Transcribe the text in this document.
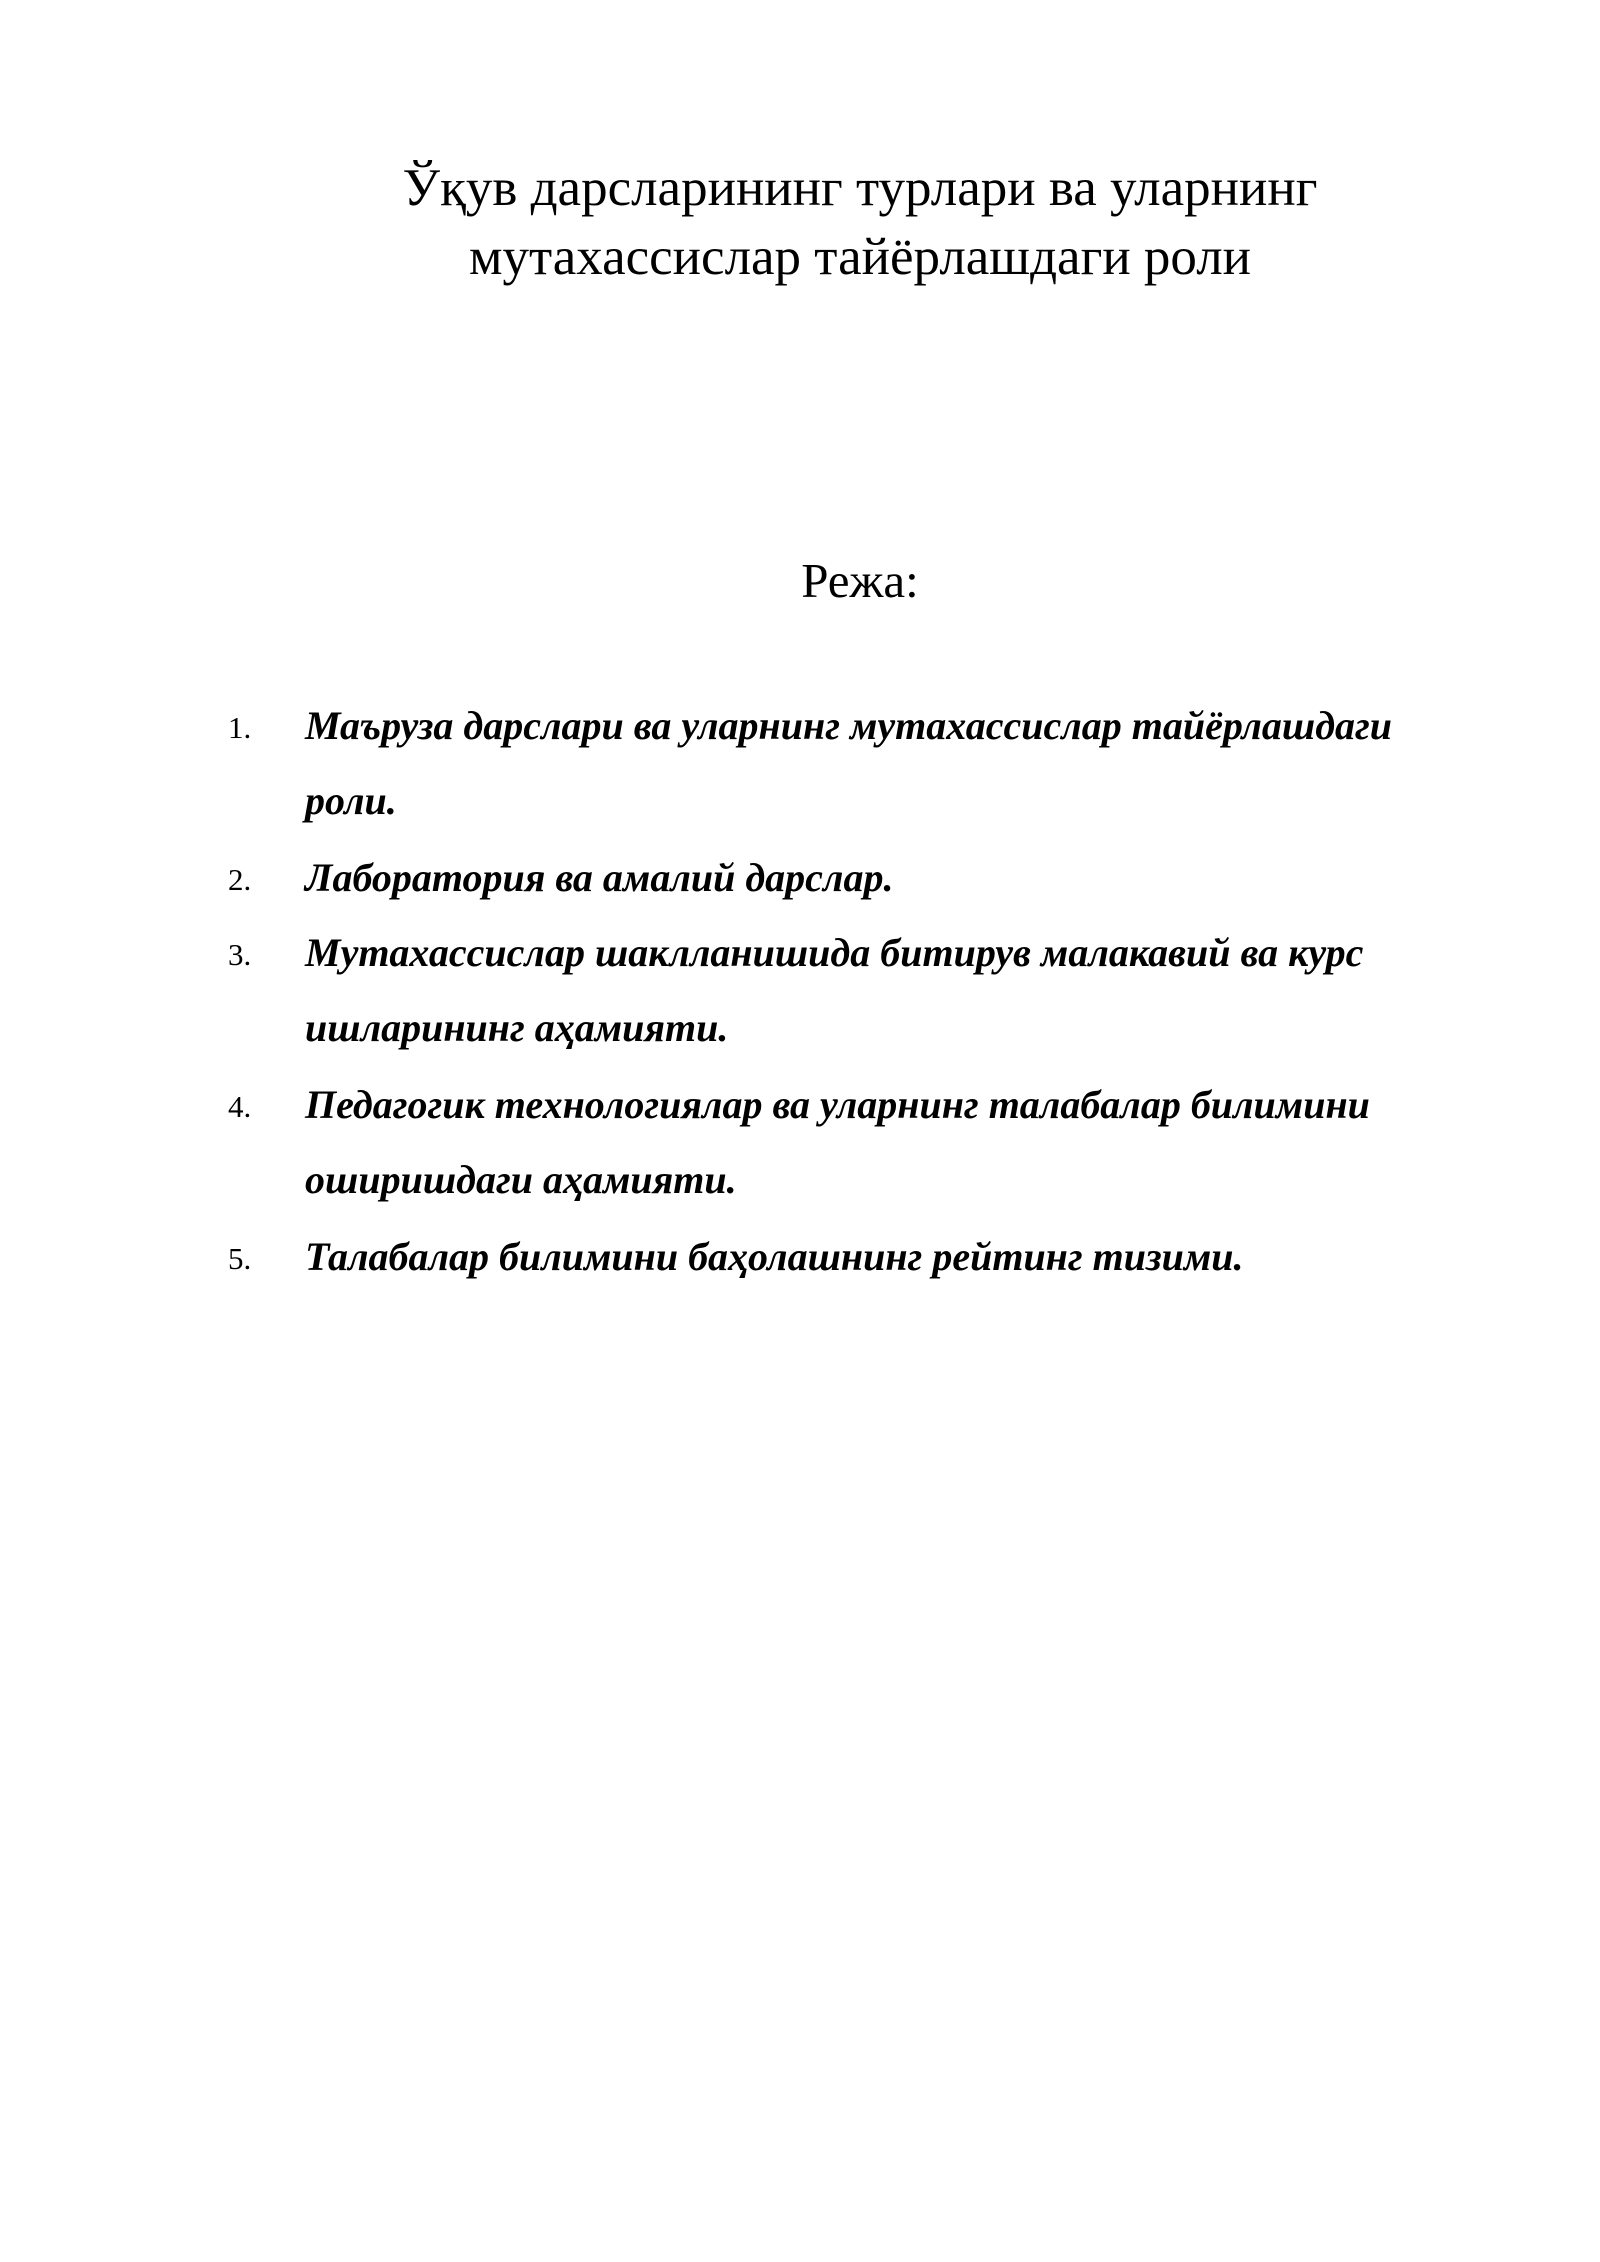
Ўқув дарсларининг турлари ва уларнинг
мутахассислар тайёрлашдаги роли
Режа:
1. Маъруза дарслари ва уларнинг мутахассислар тайёрлашдаги
роли.
2. Лаборатория ва амалий дарслар.
3. Мутахассислар шаклланишида битирув малакавий ва курс
ишларининг аҳамияти.
4. Педагогик технологиялар ва уларнинг талабалар билимини
оширишдаги аҳамияти.
5. Талабалар билимини баҳолашнинг рейтинг тизими.
